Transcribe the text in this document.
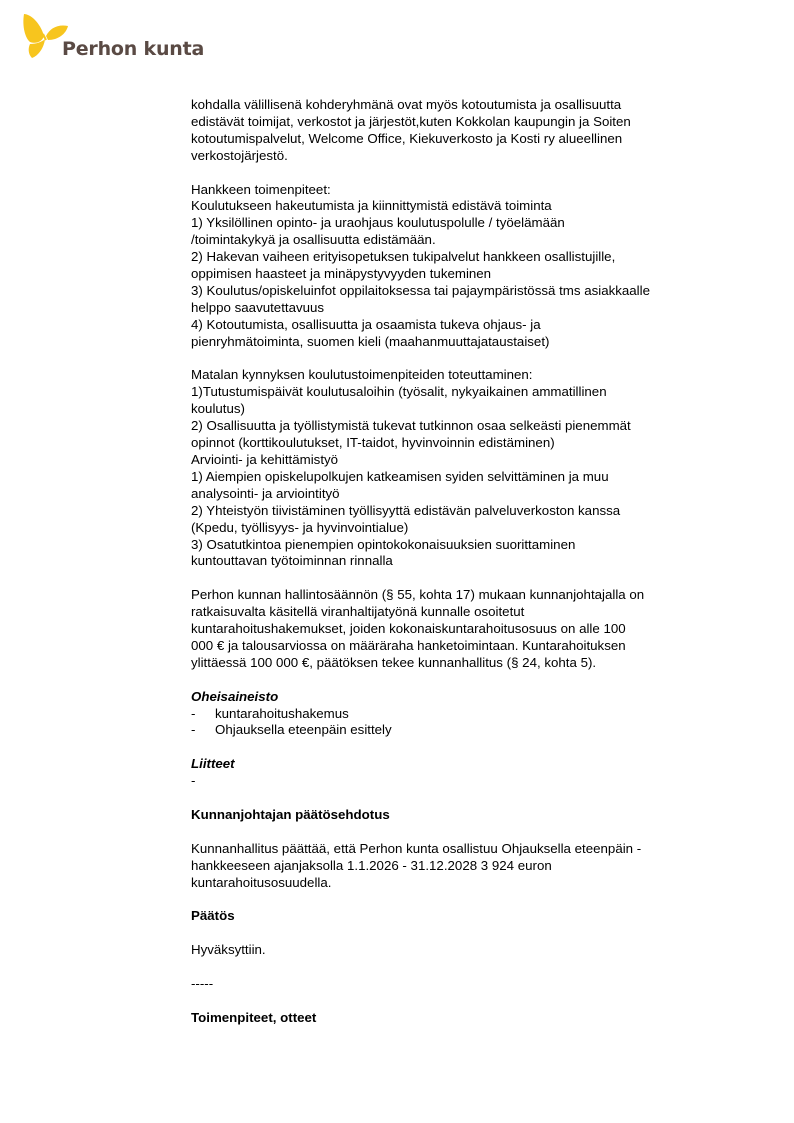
Perhon kunta

kohdalla välillisenä kohderyhmänä ovat myös kotoutumista ja osallisuutta

edistävät toimijat, verkostot ja järjestöt,kuten Kokkolan kaupungin ja Soiten

kotoutumispalvelut, Welcome Office, Kiekuverkosto ja Kosti ry alueellinen

verkostojärjestö.

Hankkeen toimenpiteet:

Koulutukseen hakeutumista ja kiinnittymistä edistävä toiminta

1) Yksilöllinen opinto- ja uraohjaus koulutuspolulle / työelämään

/toimintakykyä ja osallisuutta edistämään.

2) Hakevan vaiheen erityisopetuksen tukipalvelut hankkeen osallistujille,

oppimisen haasteet ja minäpystyvyyden tukeminen

3) Koulutus/opiskeluinfot oppilaitoksessa tai pajaympäristössä tms asiakkaalle

helppo saavutettavuus

4) Kotoutumista, osallisuutta ja osaamista tukeva ohjaus- ja

pienryhmätoiminta, suomen kieli (maahanmuuttajataustaiset)

Matalan kynnyksen koulutustoimenpiteiden toteuttaminen:

1)Tutustumispäivät koulutusaloihin (työsalit, nykyaikainen ammatillinen

koulutus)

2) Osallisuutta ja työllistymistä tukevat tutkinnon osaa selkeästi pienemmät

opinnot (korttikoulutukset, IT-taidot, hyvinvoinnin edistäminen)

Arviointi- ja kehittämistyö

1) Aiempien opiskelupolkujen katkeamisen syiden selvittäminen ja muu

analysointi- ja arviointityö

2) Yhteistyön tiivistäminen työllisyyttä edistävän palveluverkoston kanssa

(Kpedu, työllisyys- ja hyvinvointialue)

3) Osatutkintoa pienempien opintokokonaisuuksien suorittaminen

kuntouttavan työtoiminnan rinnalla

Perhon kunnan hallintosäännön (§ 55, kohta 17) mukaan kunnanjohtajalla on

ratkaisuvalta käsitellä viranhaltijatyönä kunnalle osoitetut

kuntarahoitushakemukset, joiden kokonaiskuntarahoitusosuus on alle 100

000 € ja talousarviossa on määräraha hanketoimintaan. Kuntarahoituksen

ylittäessä 100 000 €, päätöksen tekee kunnanhallitus (§ 24, kohta 5).

Oheisaineisto

- kuntarahoitushakemus
- Ohjauksella eteenpäin esittely

Liitteet

-

Kunnanjohtajan päätösehdotus

Kunnanhallitus päättää, että Perhon kunta osallistuu Ohjauksella eteenpäin -

hankkeeseen ajanjaksolla 1.1.2026 - 31.12.2028 3 924 euron

kuntarahoitusosuudella.

Päätös

Hyväksyttiin.

-----

Toimenpiteet, otteet
